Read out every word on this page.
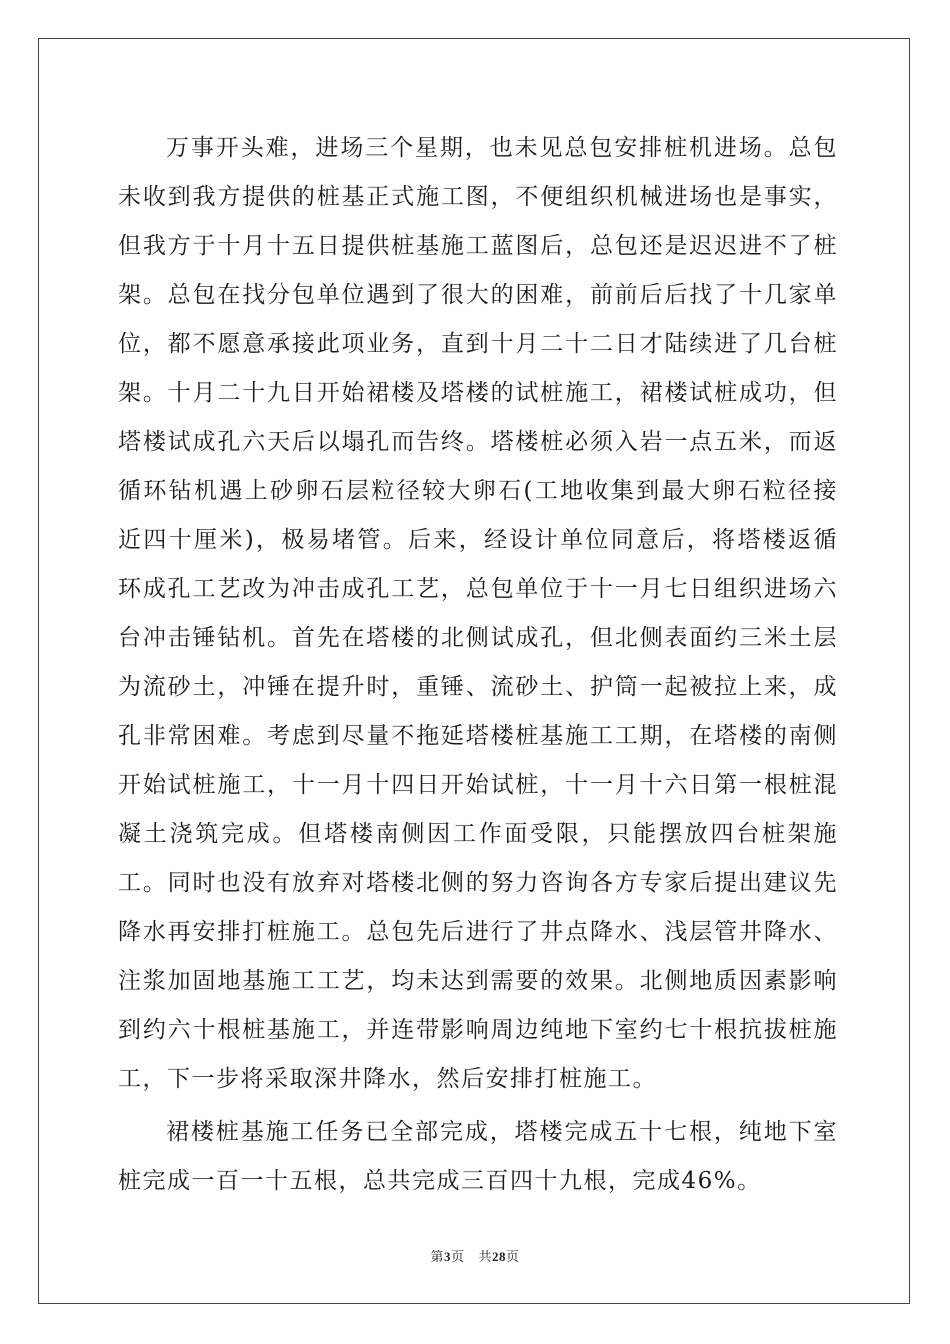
万事开头难，进场三个星期，也未见总包安排桩机进场。总包未收到我方提供的桩基正式施工图，不便组织机械进场也是事实，但我方于十月十五日提供桩基施工蓝图后，总包还是迟迟进不了桩架。总包在找分包单位遇到了很大的困难，前前后后找了十几家单位，都不愿意承接此项业务，直到十月二十二日才陆续进了几台桩架。十月二十九日开始裙楼及塔楼的试桩施工，裙楼试桩成功，但塔楼试成孔六天后以塌孔而告终。塔楼桩必须入岩一点五米，而返循环钻机遇上砂卵石层粒径较大卵石(工地收集到最大卵石粒径接近四十厘米)，极易堵管。后来，经设计单位同意后，将塔楼返循环成孔工艺改为冲击成孔工艺，总包单位于十一月七日组织进场六台冲击锤钻机。首先在塔楼的北侧试成孔，但北侧表面约三米土层为流砂土，冲锤在提升时，重锤、流砂土、护筒一起被拉上来，成孔非常困难。考虑到尽量不拖延塔楼桩基施工工期，在塔楼的南侧开始试桩施工，十一月十四日开始试桩，十一月十六日第一根桩混凝土浇筑完成。但塔楼南侧因工作面受限，只能摆放四台桩架施工。同时也没有放弃对塔楼北侧的努力咨询各方专家后提出建议先降水再安排打桩施工。总包先后进行了井点降水、浅层管井降水、注浆加固地基施工工艺，均未达到需要的效果。北侧地质因素影响到约六十根桩基施工，并连带影响周边纯地下室约七十根抗拔桩施工，下一步将采取深井降水，然后安排打桩施工。

裙楼桩基施工任务已全部完成，塔楼完成五十七根，纯地下室桩完成一百一十五根，总共完成三百四十九根，完成46%。

第3页 共28页
